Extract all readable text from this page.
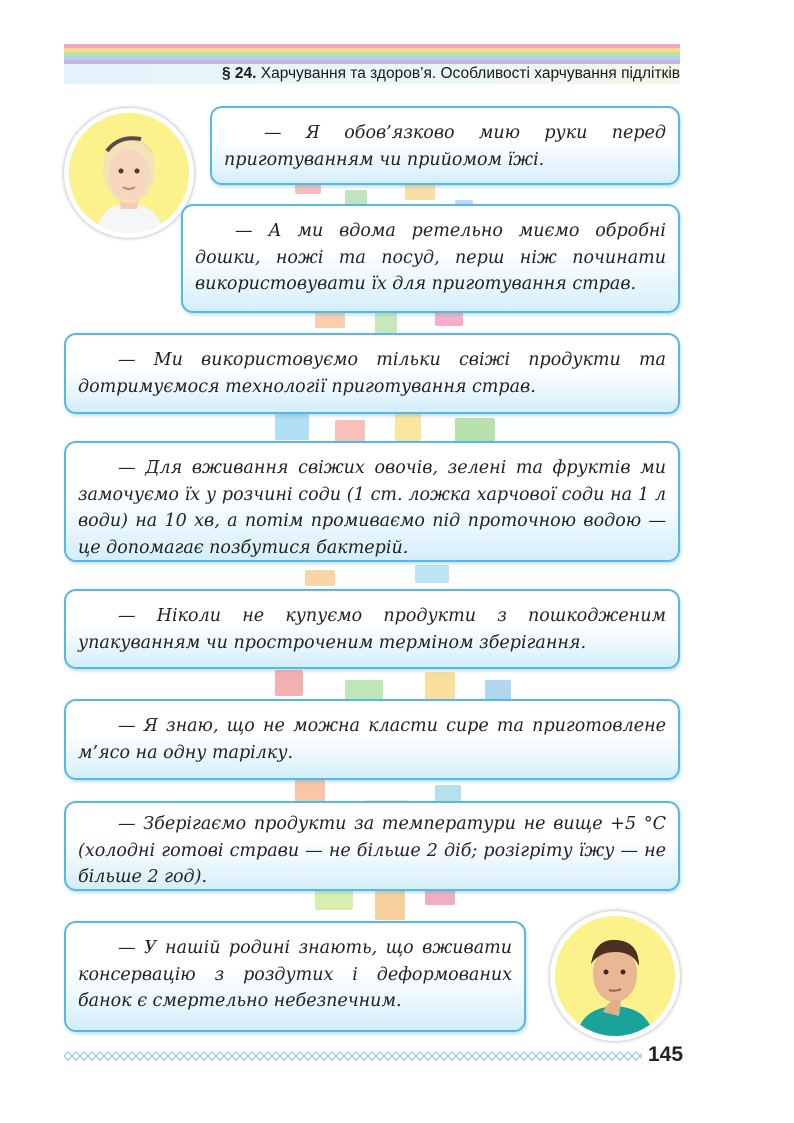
§ 24. Харчування та здоров’я. Особливості харчування підлітків

— Я обов’язково мию руки перед приготуванням чи прийомом їжі.

— А ми вдома ретельно миємо обробні дошки, ножі та посуд, перш ніж починати використовувати їх для приготування страв.

— Ми використовуємо тільки свіжі продукти та дотримуємося технології приготування страв.

— Для вживання свіжих овочів, зелені та фруктів ми замочуємо їх у розчині соди (1 ст. ложка харчової соди на 1 л води) на 10 хв, а потім промиваємо під проточною водою — це допомагає позбутися бактерій.

— Ніколи не купуємо продукти з пошкодженим упакуванням чи простроченим терміном зберігання.

— Я знаю, що не можна класти сире та приготовлене м’ясо на одну тарілку.

— Зберігаємо продукти за температури не вище +5 °С (холодні готові страви — не більше 2 діб; розігріту їжу — не більше 2 год).

— У нашій родині знають, що вживати консервацію з роздутих і деформованих банок є смертельно небезпечним.

145
